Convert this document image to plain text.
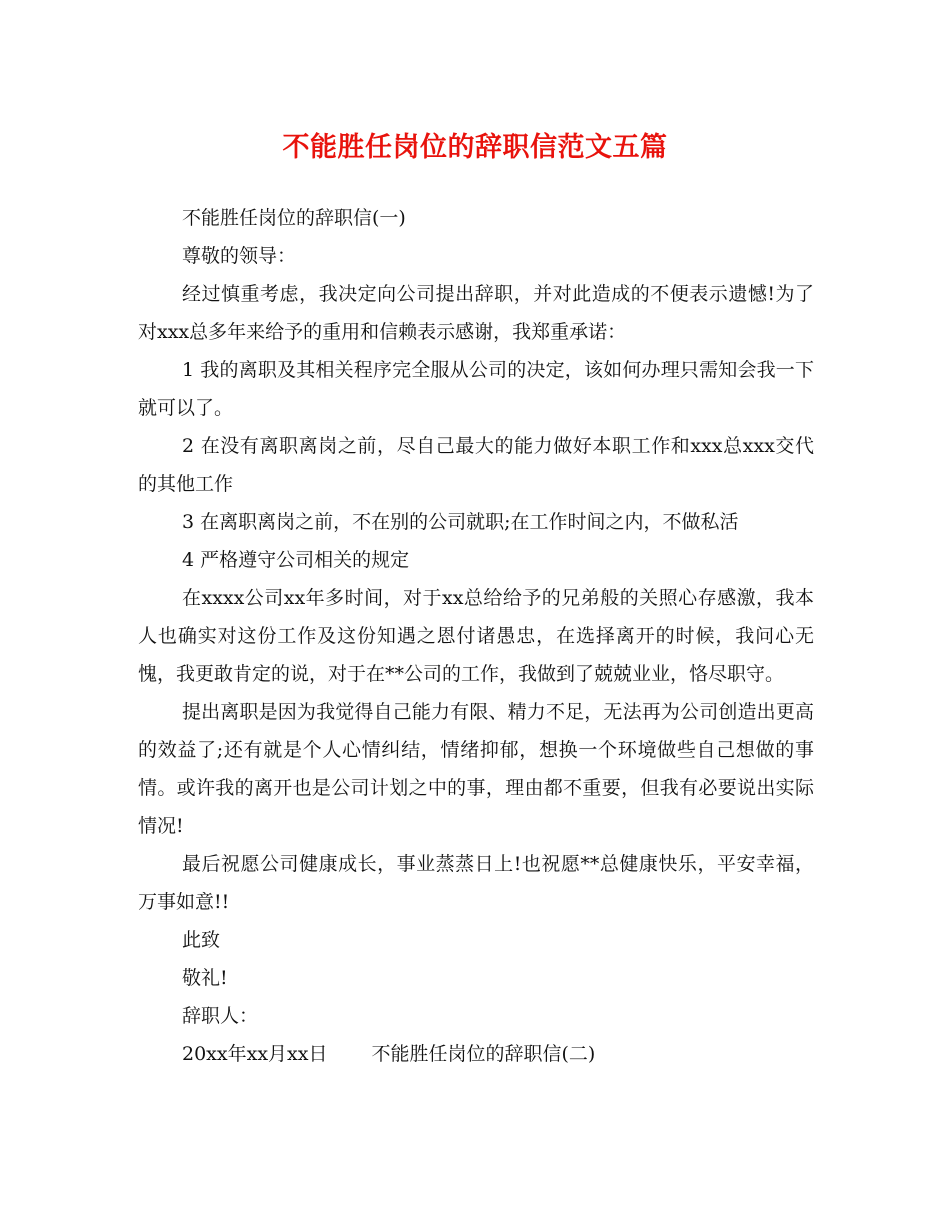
不能胜任岗位的辞职信范文五篇

不能胜任岗位的辞职信(一)

尊敬的领导：

经过慎重考虑，我决定向公司提出辞职，并对此造成的不便表示遗憾!为了对xxx总多年来给予的重用和信赖表示感谢，我郑重承诺：

1 我的离职及其相关程序完全服从公司的决定，该如何办理只需知会我一下就可以了。

2 在没有离职离岗之前，尽自己最大的能力做好本职工作和xxx总xxx交代的其他工作

3 在离职离岗之前，不在别的公司就职;在工作时间之内，不做私活

4 严格遵守公司相关的规定

在xxxx公司xx年多时间，对于xx总给给予的兄弟般的关照心存感激，我本人也确实对这份工作及这份知遇之恩付诸愚忠，在选择离开的时候，我问心无愧，我更敢肯定的说，对于在**公司的工作，我做到了兢兢业业，恪尽职守。

提出离职是因为我觉得自己能力有限、精力不足，无法再为公司创造出更高的效益了;还有就是个人心情纠结，情绪抑郁，想换一个环境做些自己想做的事情。或许我的离开也是公司计划之中的事，理由都不重要，但我有必要说出实际情况!

最后祝愿公司健康成长，事业蒸蒸日上!也祝愿**总健康快乐，平安幸福，万事如意!!

此致

敬礼!

辞职人：

20xx年xx月xx日 不能胜任岗位的辞职信(二)
